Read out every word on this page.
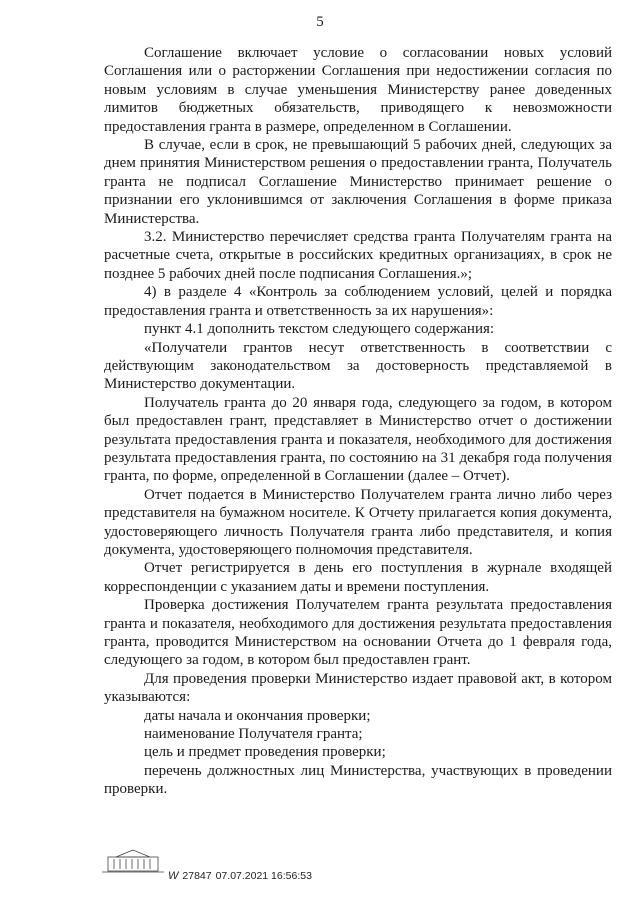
5

Соглашение включает условие о согласовании новых условий Соглашения или о расторжении Соглашения при недостижении согласия по новым условиям в случае уменьшения Министерству ранее доведенных лимитов бюджетных обязательств, приводящего к невозможности предоставления гранта в размере, определенном в Соглашении.

В случае, если в срок, не превышающий 5 рабочих дней, следующих за днем принятия Министерством решения о предоставлении гранта, Получатель гранта не подписал Соглашение Министерство принимает решение о признании его уклонившимся от заключения Соглашения в форме приказа Министерства.

3.2. Министерство перечисляет средства гранта Получателям гранта на расчетные счета, открытые в российских кредитных организациях, в срок не позднее 5 рабочих дней после подписания Соглашения.»;

4) в разделе 4 «Контроль за соблюдением условий, целей и порядка предоставления гранта и ответственность за их нарушения»:

пункт 4.1 дополнить текстом следующего содержания:

«Получатели грантов несут ответственность в соответствии с действующим законодательством за достоверность представляемой в Министерство документации.

Получатель гранта до 20 января года, следующего за годом, в котором был предоставлен грант, представляет в Министерство отчет о достижении результата предоставления гранта и показателя, необходимого для достижения результата предоставления гранта, по состоянию на 31 декабря года получения гранта, по форме, определенной в Соглашении (далее – Отчет).

Отчет подается в Министерство Получателем гранта лично либо через представителя на бумажном носителе. К Отчету прилагается копия документа, удостоверяющего личность Получателя гранта либо представителя, и копия документа, удостоверяющего полномочия представителя.

Отчет регистрируется в день его поступления в журнале входящей корреспонденции с указанием даты и времени поступления.

Проверка достижения Получателем гранта результата предоставления гранта и показателя, необходимого для достижения результата предоставления гранта, проводится Министерством на основании Отчета до 1 февраля года, следующего за годом, в котором был предоставлен грант.

Для проведения проверки Министерство издает правовой акт, в котором указываются:

даты начала и окончания проверки;

наименование Получателя гранта;

цель и предмет проведения проверки;

перечень должностных лиц Министерства, участвующих в проведении проверки.

W 27847 07.07.2021 16:56:53
